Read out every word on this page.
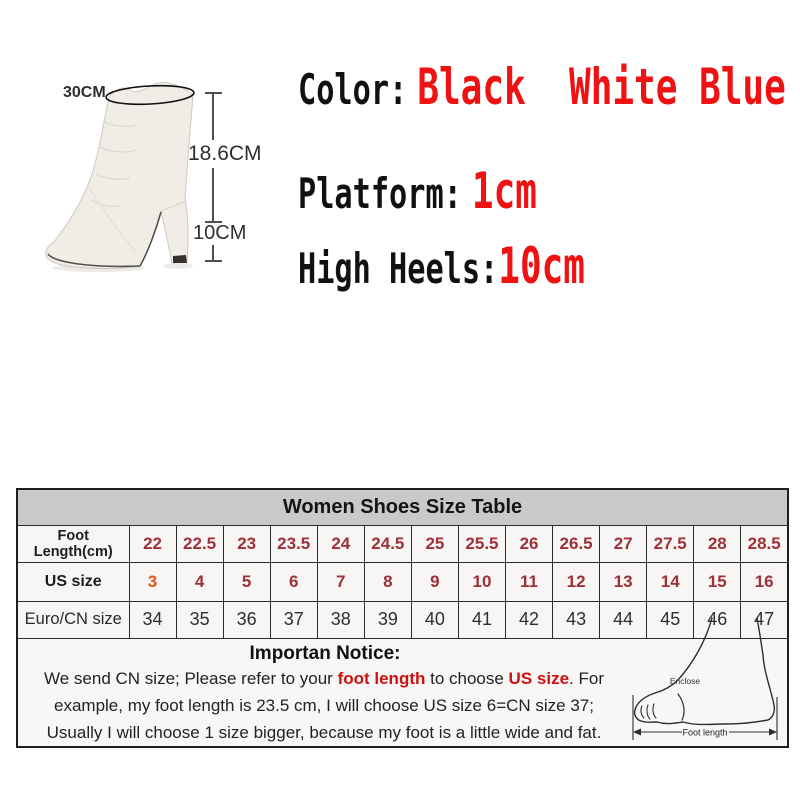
30CM
18.6CM
10CM
Color: Black  White Blue
Platform: 1cm
High Heels: 10cm
Women Shoes Size Table														
Foot Length(cm)	22	22.5	23	23.5	24	24.5	25	25.5	26	26.5	27	27.5	28	28.5
US size	3	4	5	6	7	8	9	10	11	12	13	14	15	16
Euro/CN size	34	35	36	37	38	39	40	41	42	43	44	45	46	47

Importan Notice:
We send CN size; Please refer to your foot length to choose US size. For example, my foot length is 23.5 cm, I will choose US size 6=CN size 37; Usually I will choose 1 size bigger, because my foot is a little wide and fat.														
Enclose
Foot length
